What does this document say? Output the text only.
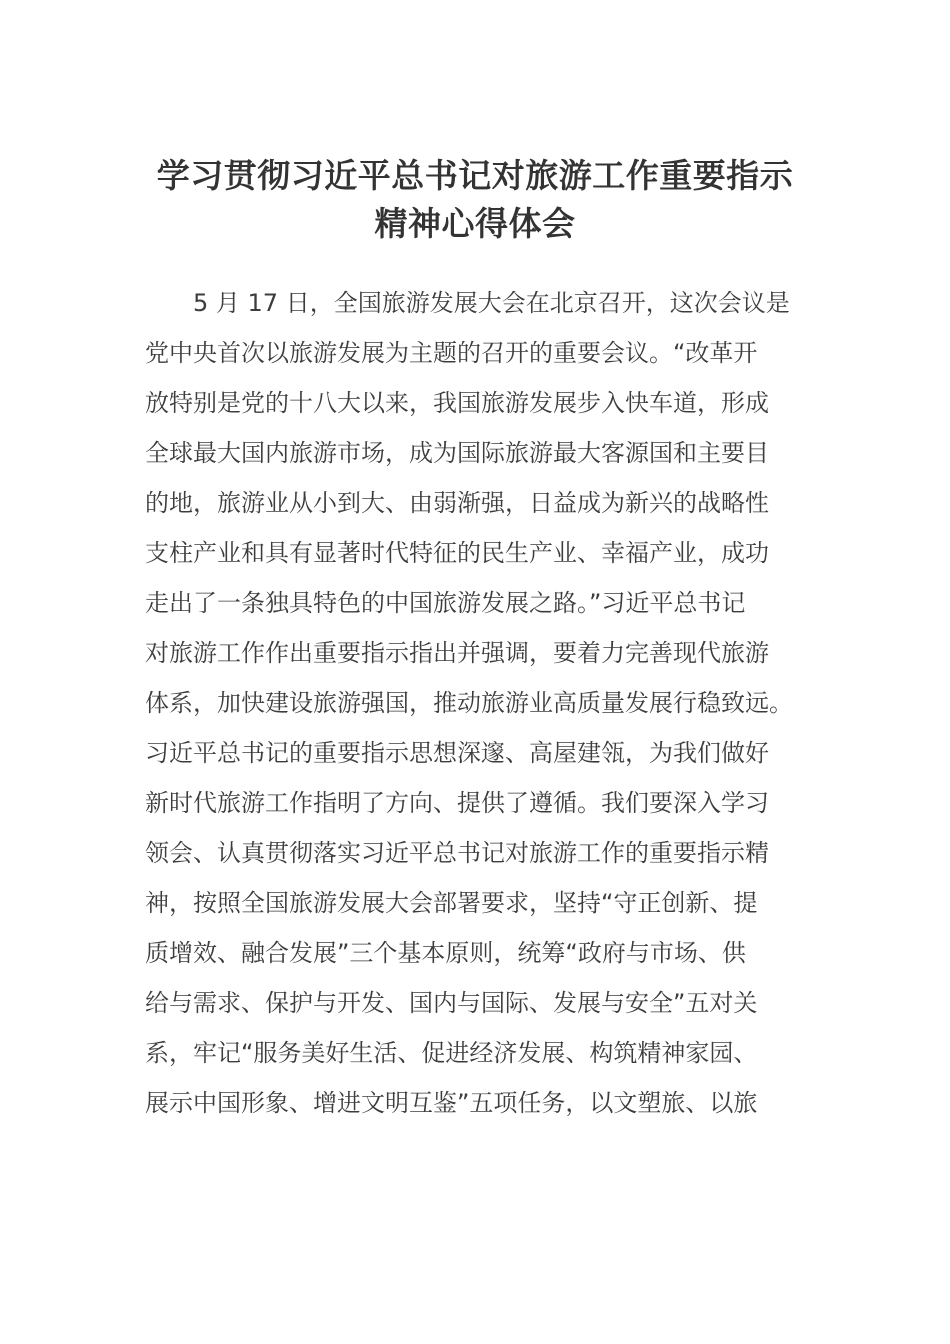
学习贯彻习近平总书记对旅游工作重要指示
精神心得体会
5 月 17 日，全国旅游发展大会在北京召开，这次会议是
党中央首次以旅游发展为主题的召开的重要会议。“改革开
放特别是党的十八大以来，我国旅游发展步入快车道，形成
全球最大国内旅游市场，成为国际旅游最大客源国和主要目
的地，旅游业从小到大、由弱渐强，日益成为新兴的战略性
支柱产业和具有显著时代特征的民生产业、幸福产业，成功
走出了一条独具特色的中国旅游发展之路。”习近平总书记
对旅游工作作出重要指示指出并强调，要着力完善现代旅游
体系，加快建设旅游强国，推动旅游业高质量发展行稳致远。
习近平总书记的重要指示思想深邃、高屋建瓴，为我们做好
新时代旅游工作指明了方向、提供了遵循。我们要深入学习
领会、认真贯彻落实习近平总书记对旅游工作的重要指示精
神，按照全国旅游发展大会部署要求，坚持“守正创新、提
质增效、融合发展”三个基本原则，统筹“政府与市场、供
给与需求、保护与开发、国内与国际、发展与安全”五对关
系，牢记“服务美好生活、促进经济发展、构筑精神家园、
展示中国形象、增进文明互鉴”五项任务，以文塑旅、以旅
